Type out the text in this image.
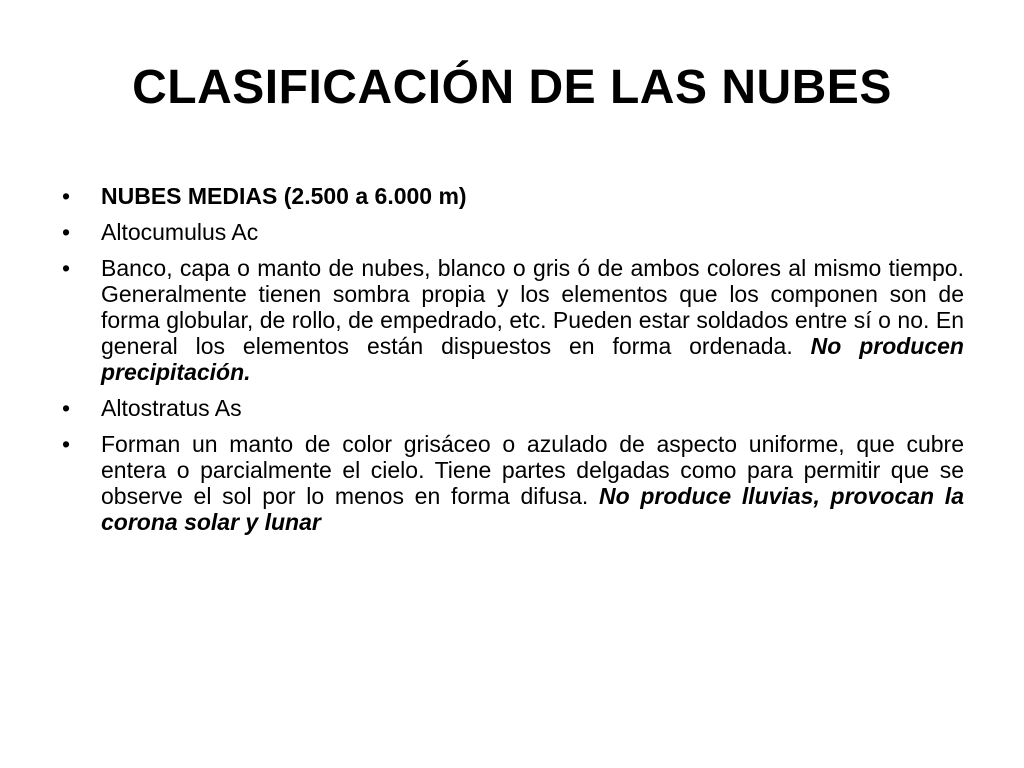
CLASIFICACIÓN DE LAS NUBES
•	NUBES MEDIAS (2.500 a 6.000 m)
•	Altocumulus Ac
•	Banco, capa o manto de nubes, blanco o gris ó de ambos colores al mismo tiempo. Generalmente tienen sombra propia y los elementos que los componen son de forma globular, de rollo, de empedrado, etc. Pueden estar soldados entre sí o no. En general los elementos están dispuestos en forma ordenada. No producen precipitación.
•	Altostratus As
•	Forman un manto de color grisáceo o azulado de aspecto uniforme, que cubre entera o parcialmente el cielo. Tiene partes delgadas como para permitir que se observe el sol por lo menos en forma difusa. No produce lluvias, provocan la corona solar y lunar
